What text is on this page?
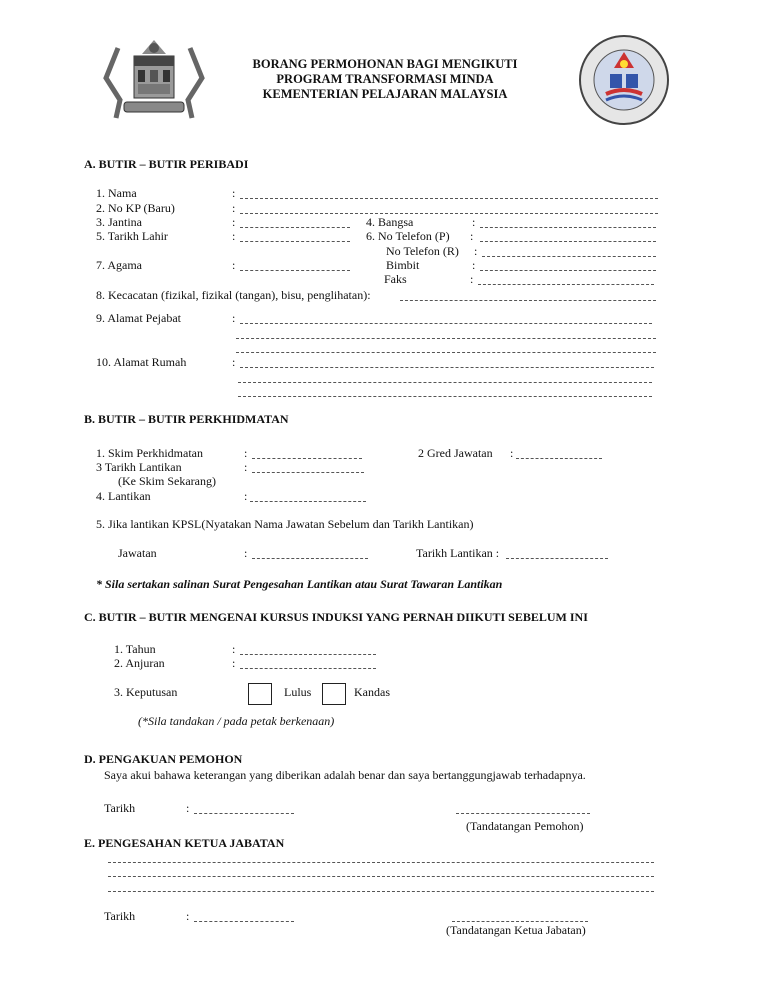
BORANG PERMOHONAN BAGI MENGIKUTI
PROGRAM TRANSFORMASI MINDA
KEMENTERIAN PELAJARAN MALAYSIA
A. BUTIR – BUTIR PERIBADI
1. Nama	:
2. No KP (Baru)	:
3. Jantina	:	4. Bangsa	:
5. Tarikh Lahir	:	6. No Telefon (P) :
No Telefon (R) :
7. Agama	:	Bimbit	:
Faks	:
8. Kecacatan (fizikal, fizikal (tangan), bisu, penglihatan):
9. Alamat Pejabat	:
10. Alamat Rumah	:
B. BUTIR – BUTIR PERKHIDMATAN
1. Skim Perkhidmatan	:	2 Gred Jawatan :
3 Tarikh Lantikan	:
(Ke Skim Sekarang)
4. Lantikan	:
5. Jika lantikan KPSL(Nyatakan Nama Jawatan Sebelum dan Tarikh Lantikan)
Jawatan	:	Tarikh Lantikan :
* Sila sertakan salinan Surat Pengesahan Lantikan atau Surat Tawaran Lantikan
C. BUTIR – BUTIR MENGENAI KURSUS INDUKSI YANG PERNAH DIIKUTI SEBELUM INI
1. Tahun	:
2. Anjuran	:
3. Keputusan	Lulus	Kandas
(*Sila tandakan / pada petak berkenaan)
D. PENGAKUAN PEMOHON
Saya akui bahawa keterangan yang diberikan adalah benar dan saya bertanggungjawab terhadapnya.
Tarikh	:
(Tandatangan Pemohon)
E. PENGESAHAN KETUA JABATAN
Tarikh	:
(Tandatangan Ketua Jabatan)
